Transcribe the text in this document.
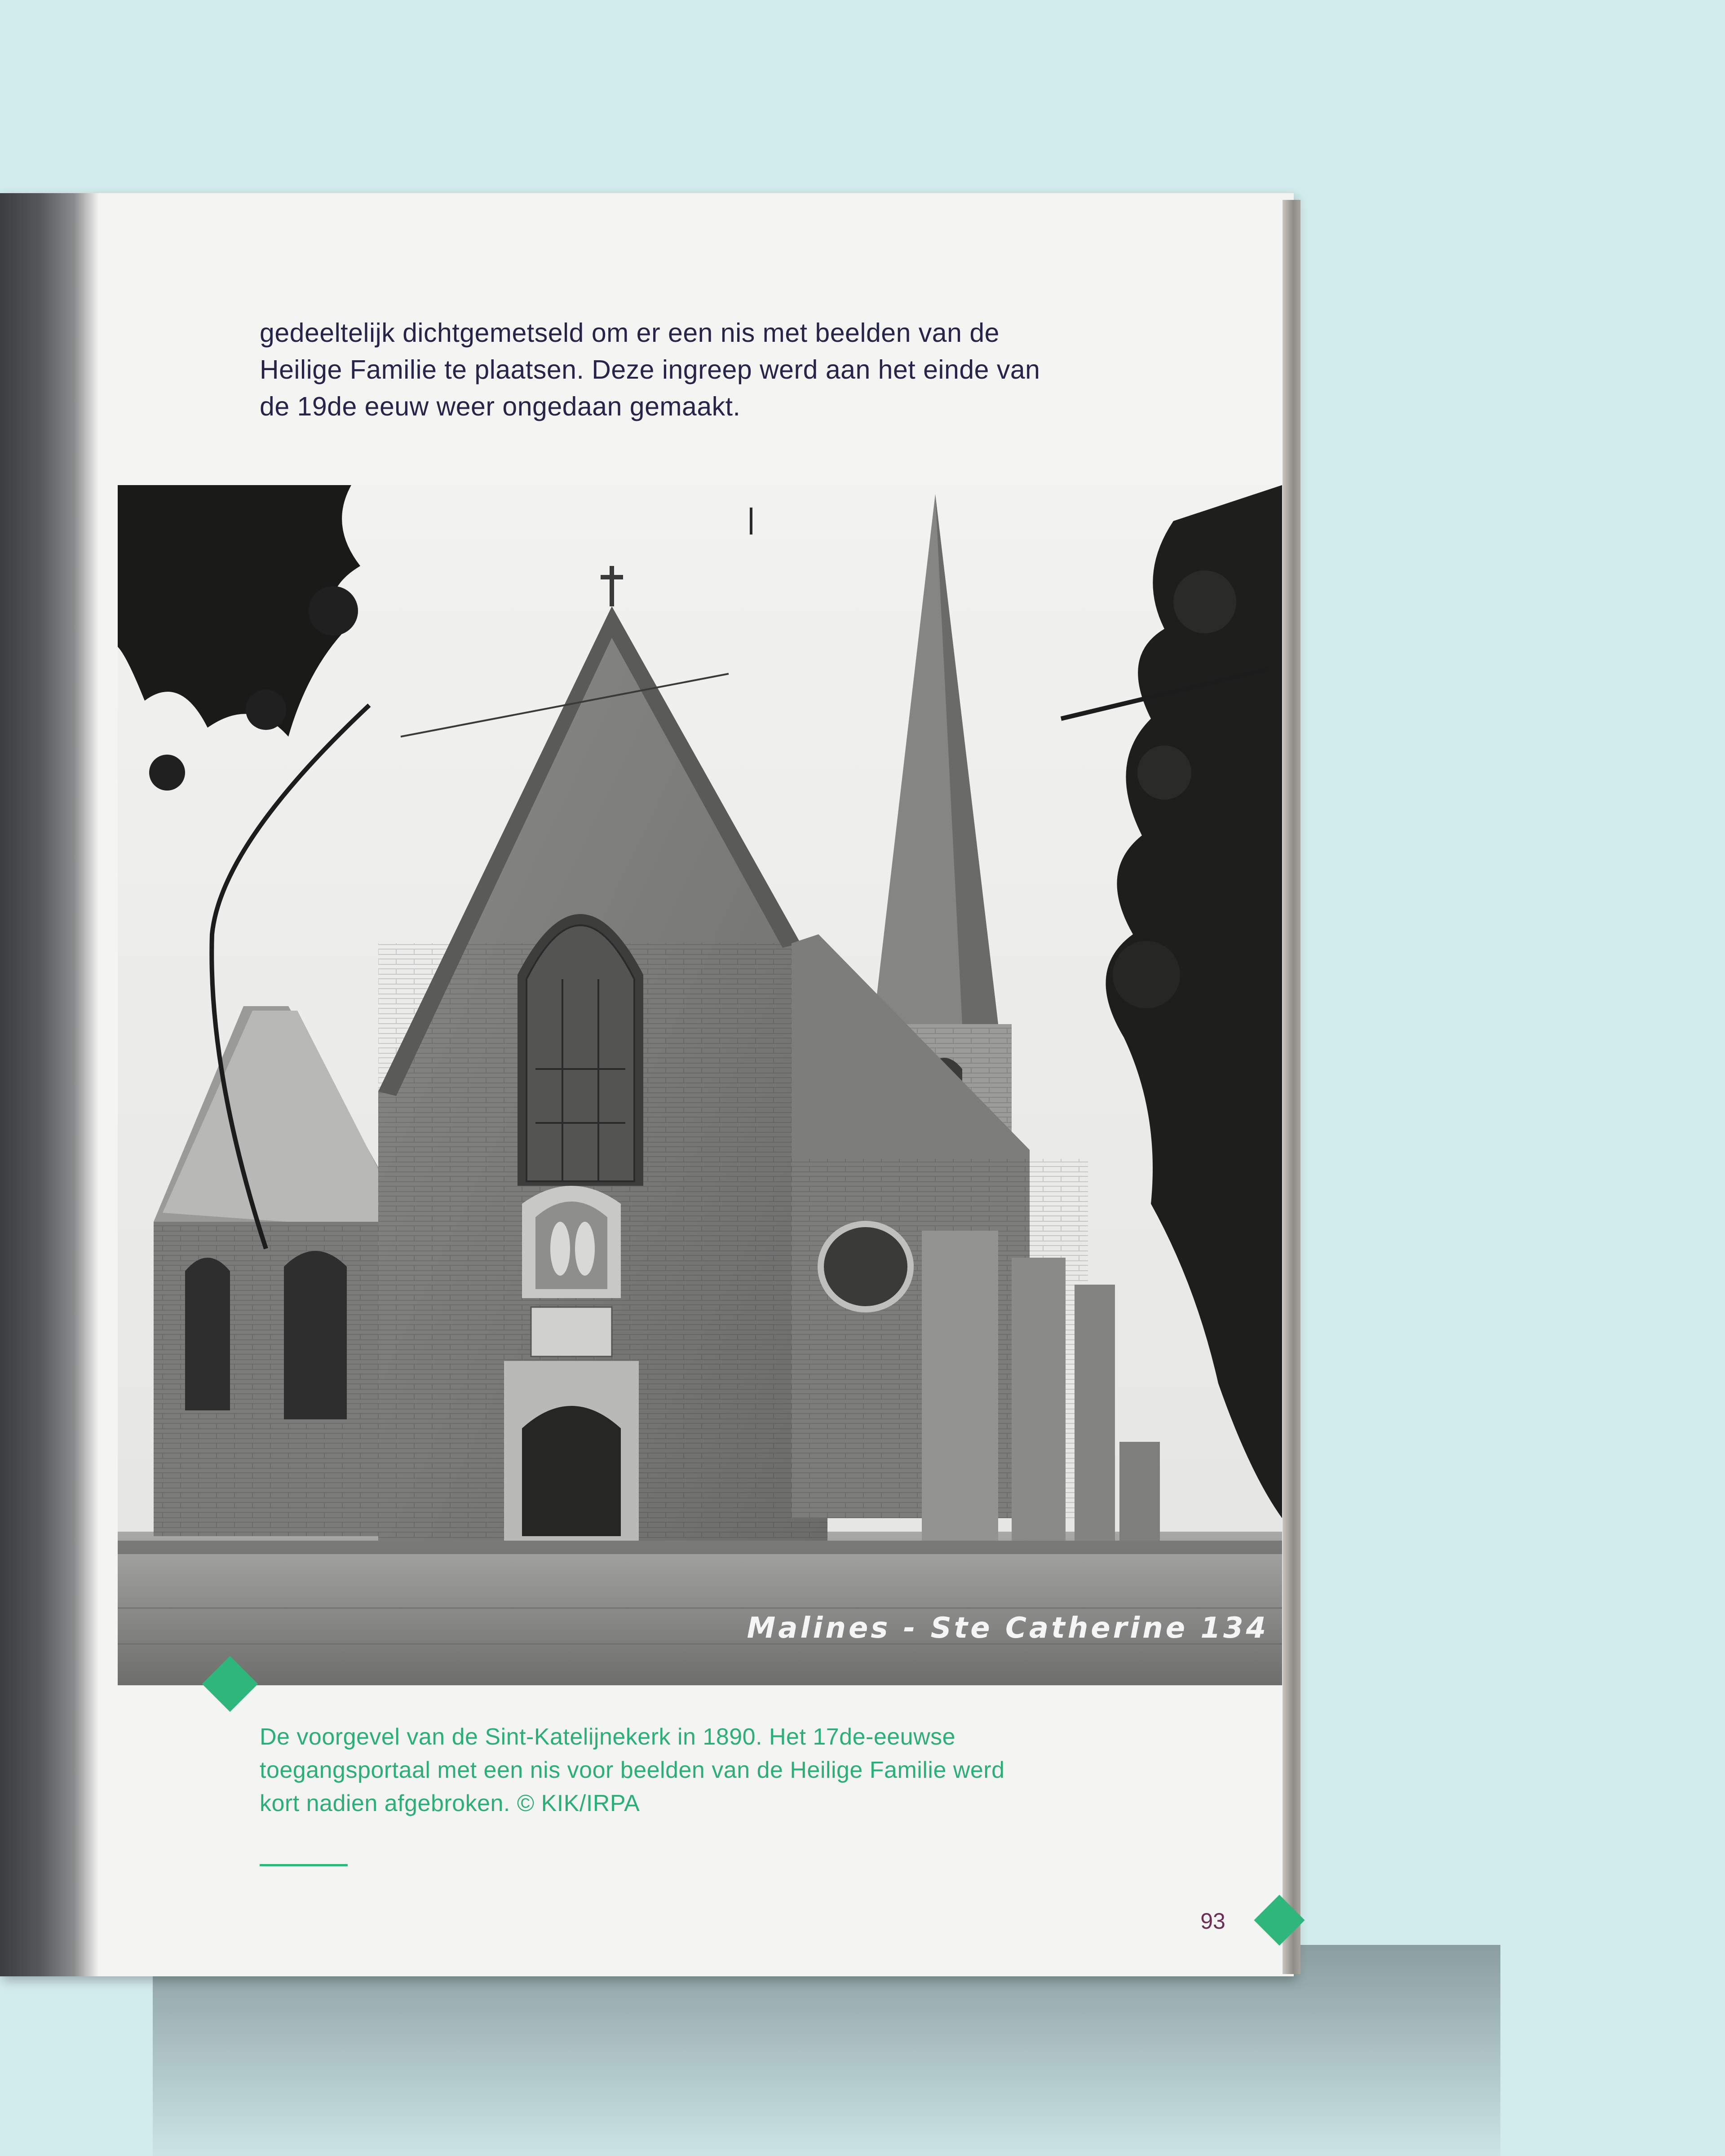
gedeeltelijk dichtgemetseld om er een nis met beelden van de
Heilige Familie te plaatsen. Deze ingreep werd aan het einde van
de 19de eeuw weer ongedaan gemaakt.

Malines - Ste Catherine 134

De voorgevel van de Sint-Katelijnekerk in 1890. Het 17de-eeuwse
toegangsportaal met een nis voor beelden van de Heilige Familie werd
kort nadien afgebroken. © KIK/IRPA

93
